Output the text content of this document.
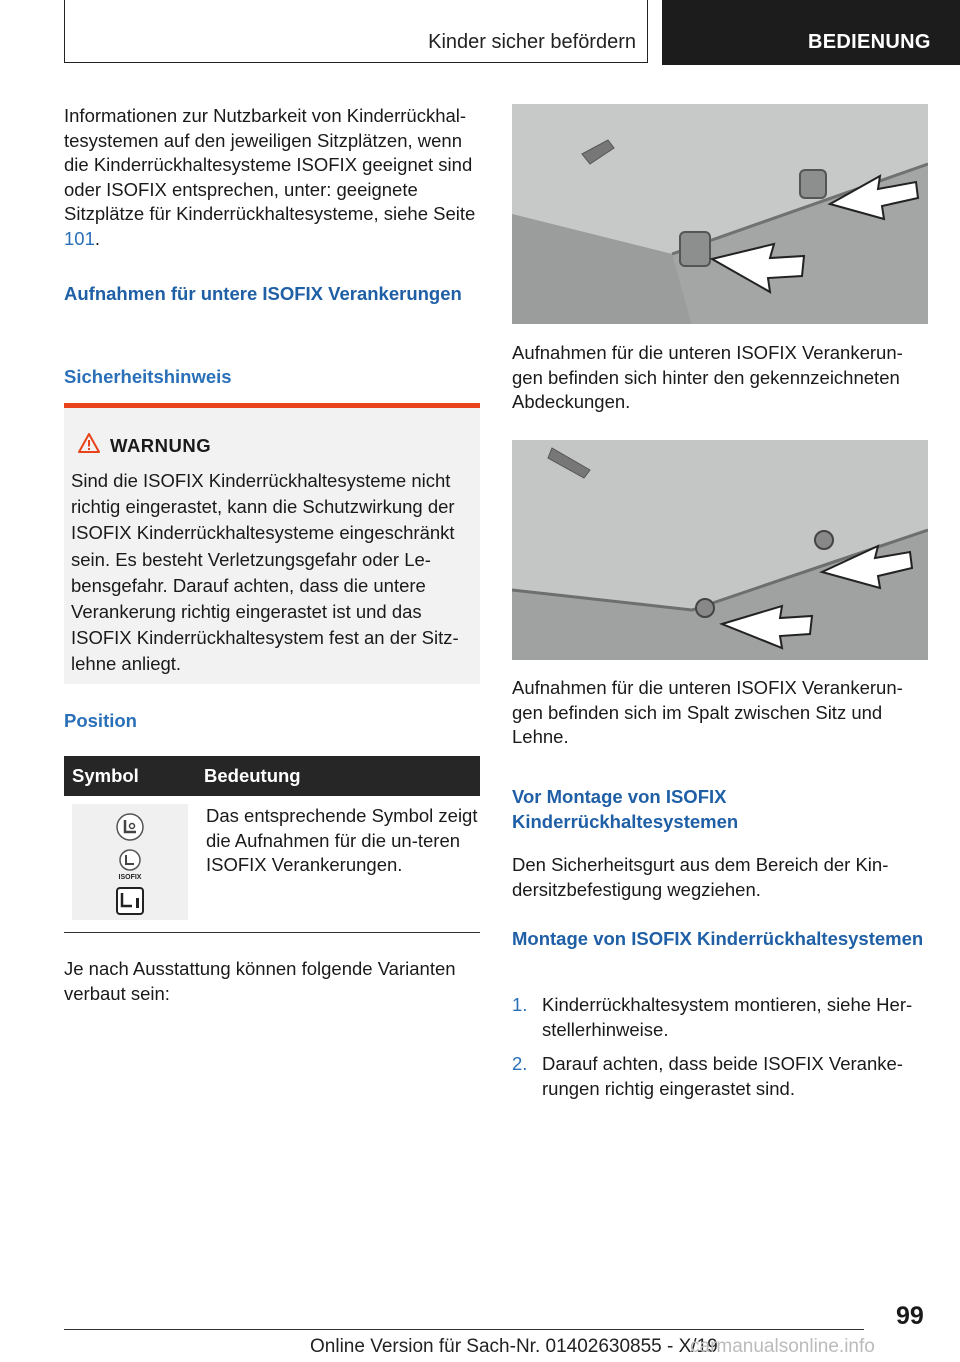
Kinder sicher befördern	BEDIENUNG

Informationen zur Nutzbarkeit von Kinderrückhal-tesystemen auf den jeweiligen Sitzplätzen, wenn die Kinderrückhaltesysteme ISOFIX geeignet sind oder ISOFIX entsprechen, unter: geeignete Sitzplätze für Kinderrückhaltesysteme, siehe Seite 101.

Aufnahmen für untere ISOFIX Verankerungen
Sicherheitshinweis
WARNUNG
Sind die ISOFIX Kinderrückhaltesysteme nicht richtig eingerastet, kann die Schutzwirkung der ISOFIX Kinderrückhaltesysteme eingeschränkt sein. Es besteht Verletzungsgefahr oder Le-bensgefahr. Darauf achten, dass die untere Verankerung richtig eingerastet ist und das ISOFIX Kinderrückhaltesystem fest an der Sitz-lehne anliegt.
Position
Symbol	Bedeutung

ISOFIX	Das entsprechende Symbol zeigt die Aufnahmen für die un-teren ISOFIX Verankerungen.
Je nach Ausstattung können folgende Varianten verbaut sein:
Aufnahmen für die unteren ISOFIX Verankerun-gen befinden sich hinter den gekennzeichneten Abdeckungen.
Aufnahmen für die unteren ISOFIX Verankerun-gen befinden sich im Spalt zwischen Sitz und Lehne.
Vor Montage von ISOFIX Kinderrückhaltesystemen
Den Sicherheitsgurt aus dem Bereich der Kin-dersitzbefestigung wegziehen.
Montage von ISOFIX Kinderrückhaltesystemen
1. Kinderrückhaltesystem montieren, siehe Her-stellerhinweise.
2. Darauf achten, dass beide ISOFIX Veranke-rungen richtig eingerastet sind.
99
Online Version für Sach-Nr. 01402630855 - X/19
carmanualsonline.info
